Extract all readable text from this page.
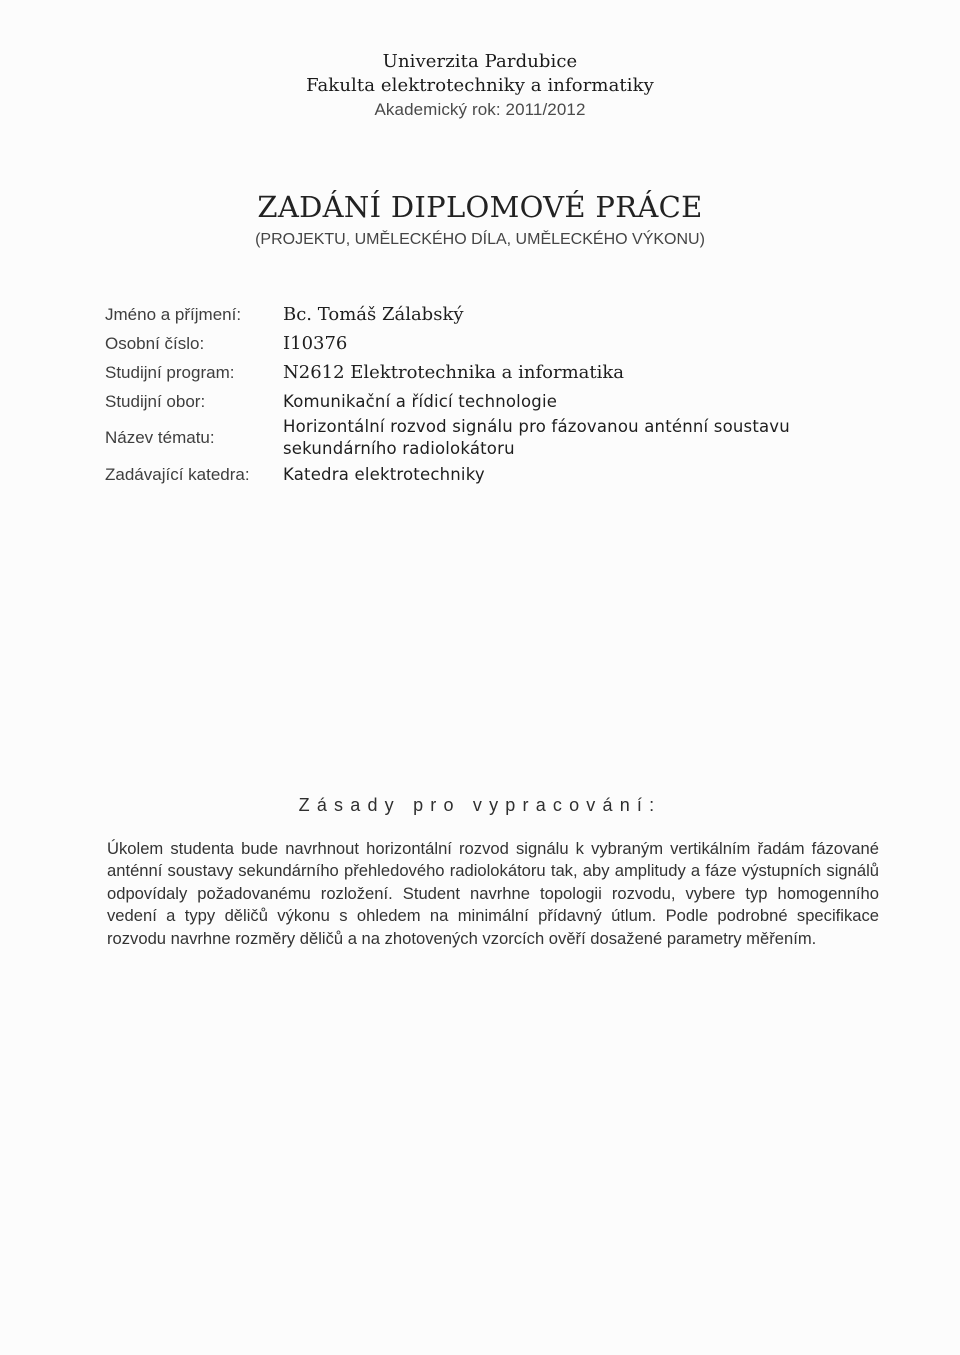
Univerzita Pardubice
Fakulta elektrotechniky a informatiky
Akademický rok: 2011/2012
ZADÁNÍ DIPLOMOVÉ PRÁCE
(PROJEKTU, UMĚLECKÉHO DÍLA, UMĚLECKÉHO VÝKONU)
Jméno a příjmení:	Bc. Tomáš Zálabský
Osobní číslo:	I10376
Studijní program:	N2612 Elektrotechnika a informatika
Studijní obor:	Komunikační a řídicí technologie
Název tématu:
Horizontální rozvod signálu pro fázovanou anténní soustavu sekundárního radiolokátoru
Zadávající katedra:	Katedra elektrotechniky
Zásady pro vypracování:
Úkolem studenta bude navrhnout horizontální rozvod signálu k vybraným vertikálním řadám fázované anténní soustavy sekundárního přehledového radiolokátoru tak, aby amplitudy a fáze výstupních signálů odpovídaly požadovanému rozložení. Student navrhne topologii rozvodu, vybere typ homogenního vedení a typy děličů výkonu s ohledem na minimální přídavný útlum. Podle podrobné specifikace rozvodu navrhne rozměry děličů a na zhotovených vzorcích ověří dosažené parametry měřením.
